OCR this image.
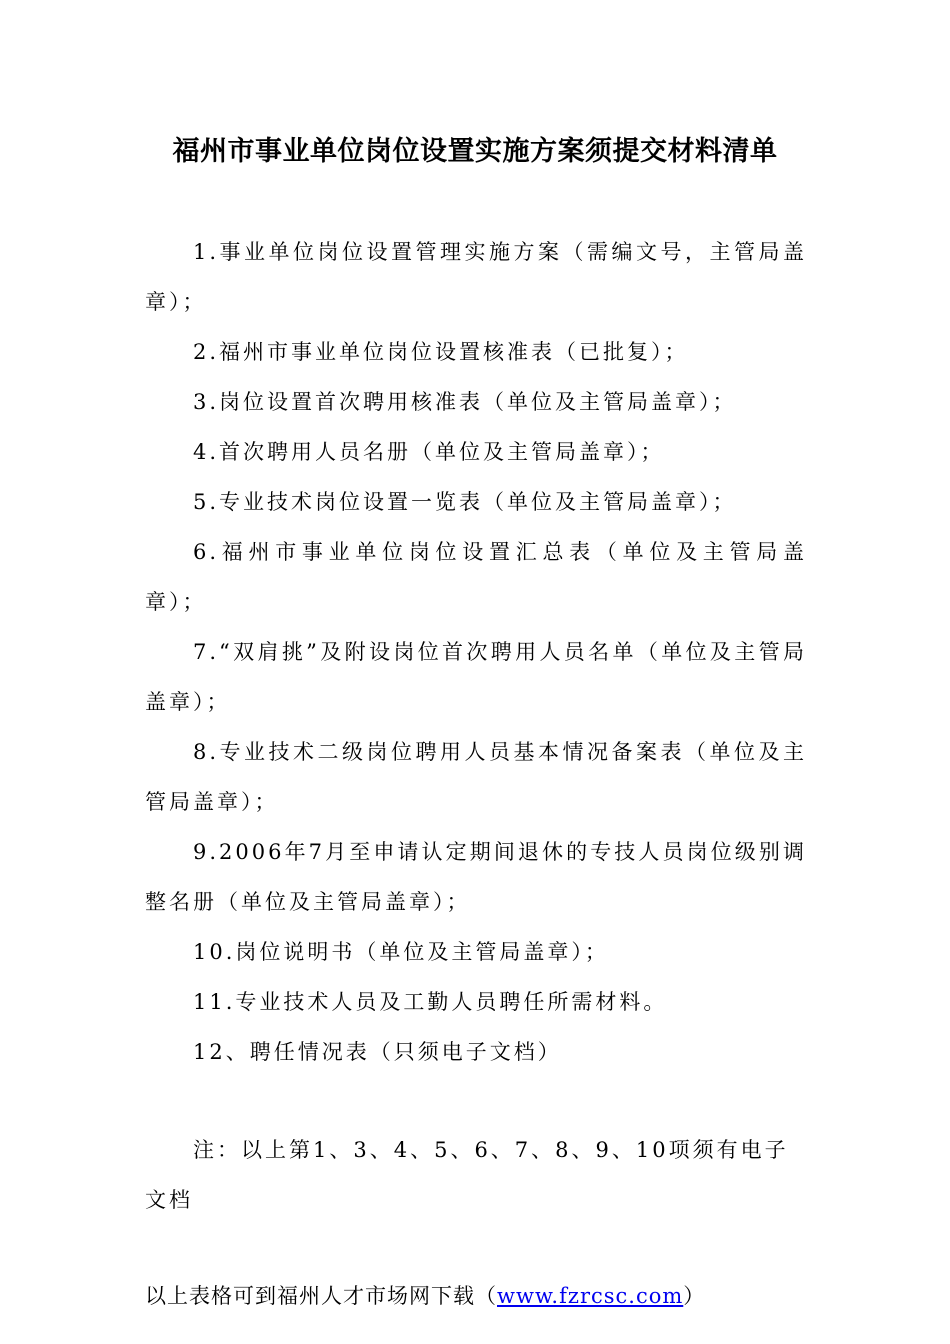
福州市事业单位岗位设置实施方案须提交材料清单

1.事业单位岗位设置管理实施方案（需编文号，主管局盖章）；

2.福州市事业单位岗位设置核准表（已批复）；

3.岗位设置首次聘用核准表（单位及主管局盖章）；

4.首次聘用人员名册（单位及主管局盖章）；

5.专业技术岗位设置一览表（单位及主管局盖章）；

6.福州市事业单位岗位设置汇总表（单位及主管局盖章）；

7.“双肩挑”及附设岗位首次聘用人员名单（单位及主管局盖章）；

8.专业技术二级岗位聘用人员基本情况备案表（单位及主管局盖章）；

9.2006年7月至申请认定期间退休的专技人员岗位级别调整名册（单位及主管局盖章）；

10.岗位说明书（单位及主管局盖章）；

11.专业技术人员及工勤人员聘任所需材料。

12、聘任情况表（只须电子文档）

注：以上第1、3、4、5、6、7、8、9、10项须有电子文档

以上表格可到福州人才市场网下载（www.fzrcsc.com）
